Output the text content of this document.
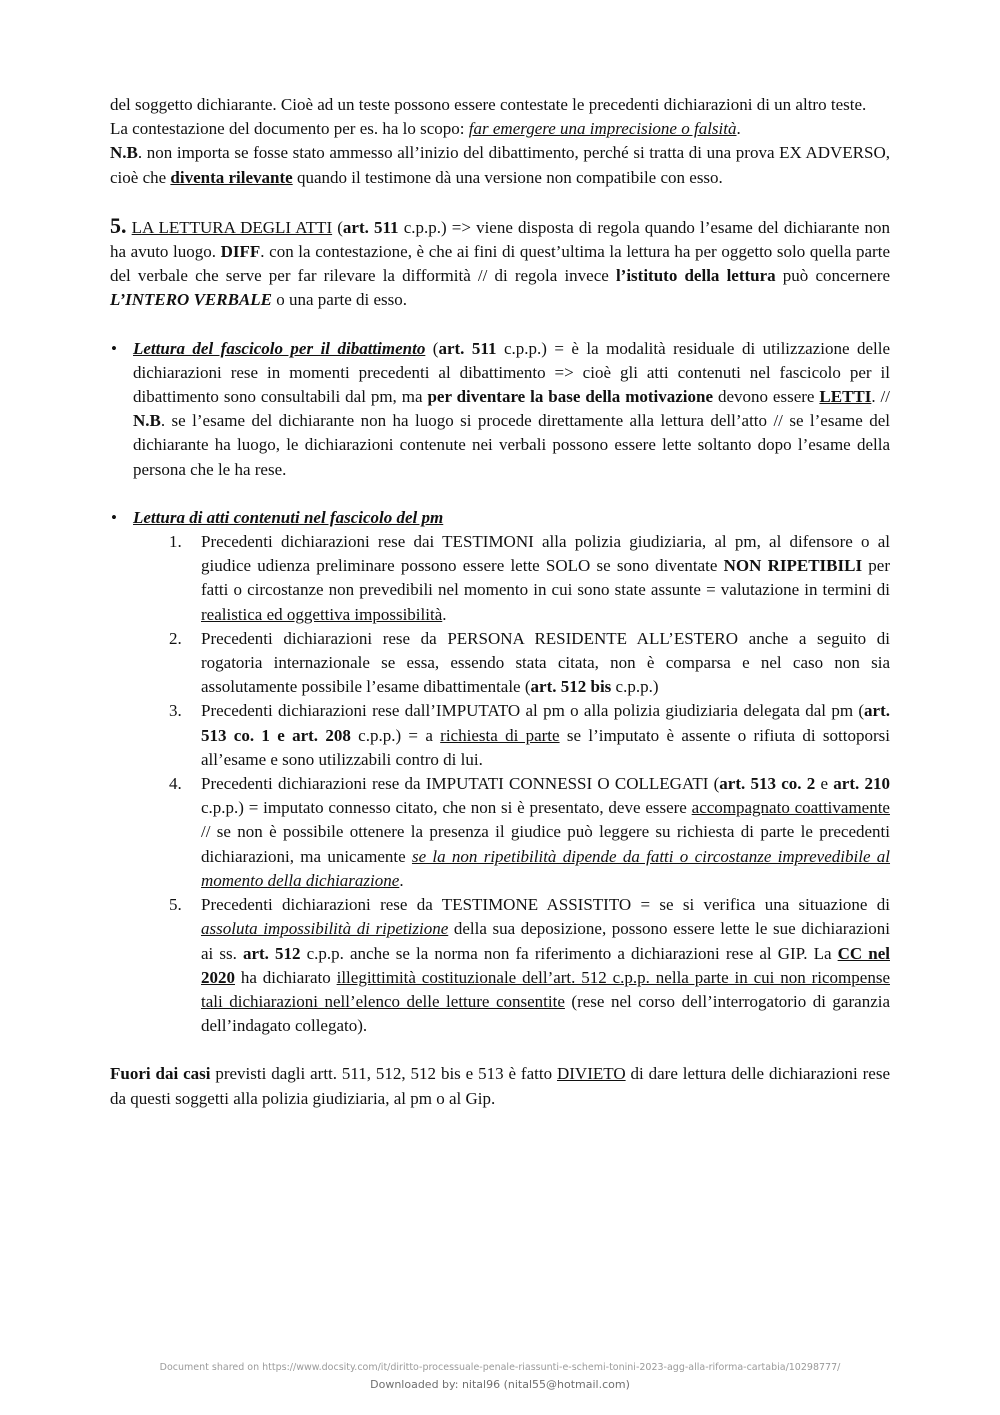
del soggetto dichiarante. Cioè ad un teste possono essere contestate le precedenti dichiarazioni di un altro teste.

La contestazione del documento per es. ha lo scopo: far emergere una imprecisione o falsità.

N.B. non importa se fosse stato ammesso all’inizio del dibattimento, perché si tratta di una prova EX ADVERSO, cioè che diventa rilevante quando il testimone dà una versione non compatibile con esso.

5. LA LETTURA DEGLI ATTI (art. 511 c.p.p.) => viene disposta di regola quando l’esame del dichiarante non ha avuto luogo. DIFF. con la contestazione, è che ai fini di quest’ultima la lettura ha per oggetto solo quella parte del verbale che serve per far rilevare la difformità // di regola invece l’istituto della lettura può concernere L’INTERO VERBALE o una parte di esso.

• Lettura del fascicolo per il dibattimento (art. 511 c.p.p.) = è la modalità residuale di utilizzazione delle dichiarazioni rese in momenti precedenti al dibattimento => cioè gli atti contenuti nel fascicolo per il dibattimento sono consultabili dal pm, ma per diventare la base della motivazione devono essere LETTI. // N.B. se l’esame del dichiarante non ha luogo si procede direttamente alla lettura dell’atto // se l’esame del dichiarante ha luogo, le dichiarazioni contenute nei verbali possono essere lette soltanto dopo l’esame della persona che le ha rese.

• Lettura di atti contenuti nel fascicolo del pm

1. Precedenti dichiarazioni rese dai TESTIMONI alla polizia giudiziaria, al pm, al difensore o al giudice udienza preliminare possono essere lette SOLO se sono diventate NON RIPETIBILI per fatti o circostanze non prevedibili nel momento in cui sono state assunte = valutazione in termini di realistica ed oggettiva impossibilità.
2. Precedenti dichiarazioni rese da PERSONA RESIDENTE ALL’ESTERO anche a seguito di rogatoria internazionale se essa, essendo stata citata, non è comparsa e nel caso non sia assolutamente possibile l’esame dibattimentale (art. 512 bis c.p.p.)
3. Precedenti dichiarazioni rese dall’IMPUTATO al pm o alla polizia giudiziaria delegata dal pm (art. 513 co. 1 e art. 208 c.p.p.) = a richiesta di parte se l’imputato è assente o rifiuta di sottoporsi all’esame e sono utilizzabili contro di lui.
4. Precedenti dichiarazioni rese da IMPUTATI CONNESSI O COLLEGATI (art. 513 co. 2 e art. 210 c.p.p.) = imputato connesso citato, che non si è presentato, deve essere accompagnato coattivamente // se non è possibile ottenere la presenza il giudice può leggere su richiesta di parte le precedenti dichiarazioni, ma unicamente se la non ripetibilità dipende da fatti o circostanze imprevedibile al momento della dichiarazione.
5. Precedenti dichiarazioni rese da TESTIMONE ASSISTITO = se si verifica una situazione di assoluta impossibilità di ripetizione della sua deposizione, possono essere lette le sue dichiarazioni ai ss. art. 512 c.p.p. anche se la norma non fa riferimento a dichiarazioni rese al GIP. La CC nel 2020 ha dichiarato illegittimità costituzionale dell’art. 512 c.p.p. nella parte in cui non ricompense tali dichiarazioni nell’elenco delle letture consentite (rese nel corso dell’interrogatorio di garanzia dell’indagato collegato).

Fuori dai casi previsti dagli artt. 511, 512, 512 bis e 513 è fatto DIVIETO di dare lettura delle dichiarazioni rese da questi soggetti alla polizia giudiziaria, al pm o al Gip.

Document shared on https://www.docsity.com/it/diritto-processuale-penale-riassunti-e-schemi-tonini-2023-agg-alla-riforma-cartabia/10298777/
Downloaded by: nital96 (nital55@hotmail.com)
